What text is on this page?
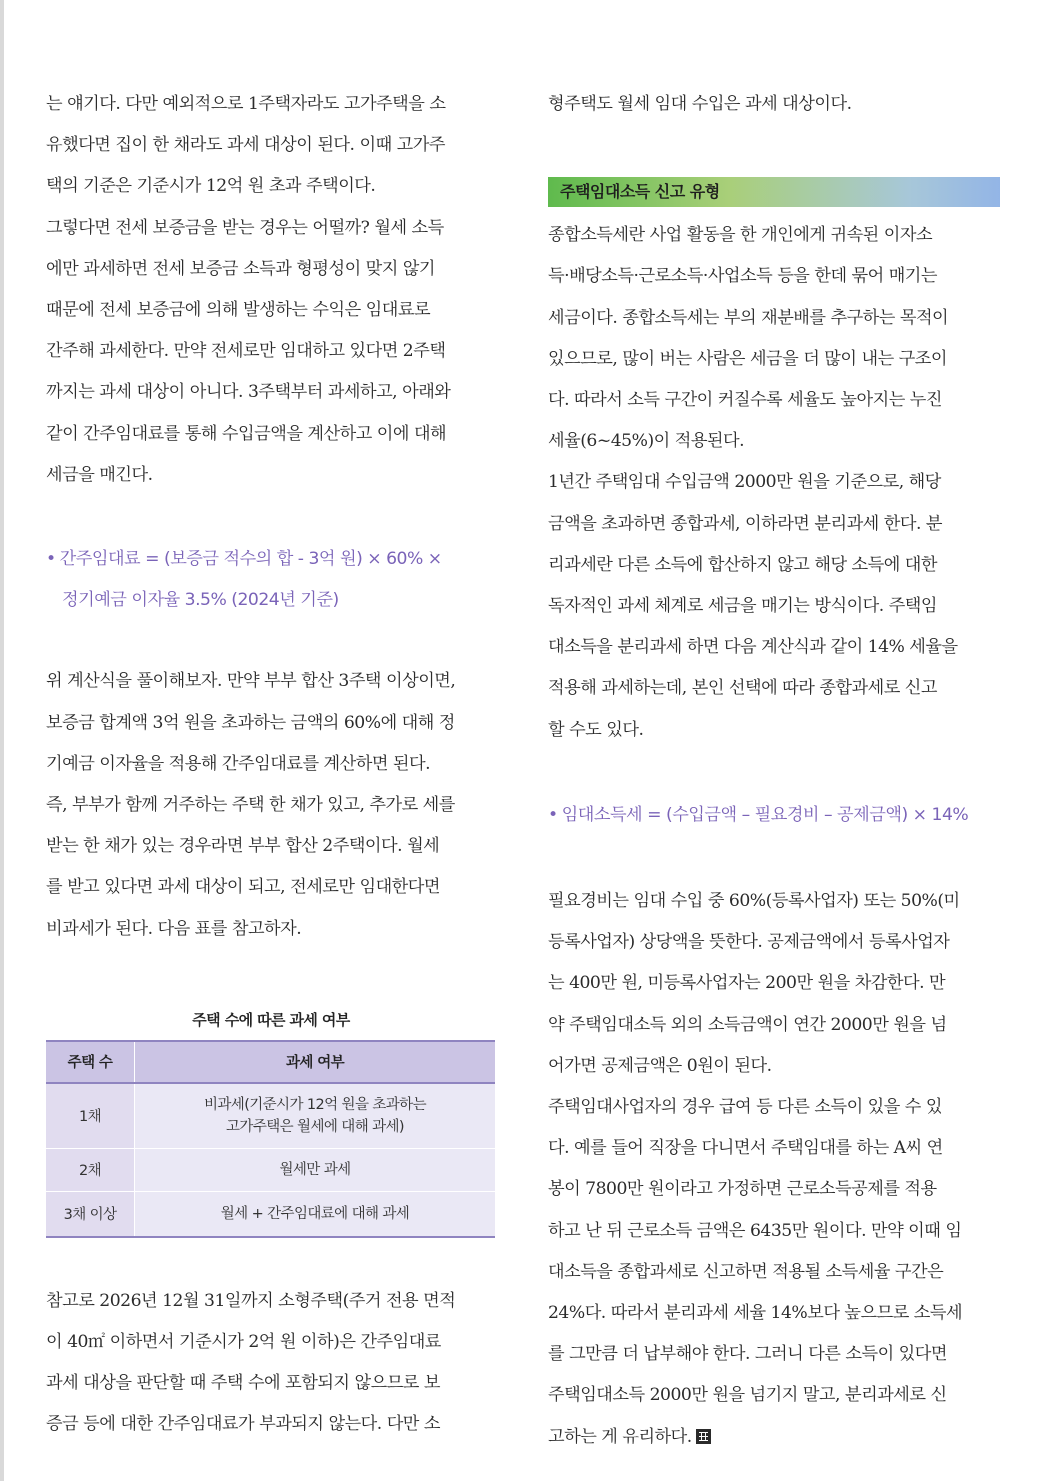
는 얘기다. 다만 예외적으로 1주택자라도 고가주택을 소
유했다면 집이 한 채라도 과세 대상이 된다. 이때 고가주
택의 기준은 기준시가 12억 원 초과 주택이다.

그렇다면 전세 보증금을 받는 경우는 어떨까? 월세 소득
에만 과세하면 전세 보증금 소득과 형평성이 맞지 않기
때문에 전세 보증금에 의해 발생하는 수익은 임대료로
간주해 과세한다. 만약 전세로만 임대하고 있다면 2주택
까지는 과세 대상이 아니다. 3주택부터 과세하고, 아래와
같이 간주임대료를 통해 수입금액을 계산하고 이에 대해
세금을 매긴다.

• 간주임대료 = (보증금 적수의 합 - 3억 원) × 60% ×
정기예금 이자율 3.5% (2024년 기준)

위 계산식을 풀이해보자. 만약 부부 합산 3주택 이상이면,
보증금 합계액 3억 원을 초과하는 금액의 60%에 대해 정
기예금 이자율을 적용해 간주임대료를 계산하면 된다.
즉, 부부가 함께 거주하는 주택 한 채가 있고, 추가로 세를
받는 한 채가 있는 경우라면 부부 합산 2주택이다. 월세
를 받고 있다면 과세 대상이 되고, 전세로만 임대한다면
비과세가 된다. 다음 표를 참고하자.

주택 수에 따른 과세 여부
주택 수	과세 여부
1채	비과세(기준시가 12억 원을 초과하는
고가주택은 월세에 대해 과세)
2채	월세만 과세
3채 이상	월세 + 간주임대료에 대해 과세

참고로 2026년 12월 31일까지 소형주택(주거 전용 면적
이 40㎡ 이하면서 기준시가 2억 원 이하)은 간주임대료
과세 대상을 판단할 때 주택 수에 포함되지 않으므로 보
증금 등에 대한 간주임대료가 부과되지 않는다. 다만 소

형주택도 월세 임대 수입은 과세 대상이다.

주택임대소득 신고 유형

종합소득세란 사업 활동을 한 개인에게 귀속된 이자소
득·배당소득·근로소득·사업소득 등을 한데 묶어 매기는
세금이다. 종합소득세는 부의 재분배를 추구하는 목적이
있으므로, 많이 버는 사람은 세금을 더 많이 내는 구조이
다. 따라서 소득 구간이 커질수록 세율도 높아지는 누진
세율(6~45%)이 적용된다.

1년간 주택임대 수입금액 2000만 원을 기준으로, 해당
금액을 초과하면 종합과세, 이하라면 분리과세 한다. 분
리과세란 다른 소득에 합산하지 않고 해당 소득에 대한
독자적인 과세 체계로 세금을 매기는 방식이다. 주택임
대소득을 분리과세 하면 다음 계산식과 같이 14% 세율을
적용해 과세하는데, 본인 선택에 따라 종합과세로 신고
할 수도 있다.

• 임대소득세 = (수입금액 – 필요경비 – 공제금액) × 14%

필요경비는 임대 수입 중 60%(등록사업자) 또는 50%(미
등록사업자) 상당액을 뜻한다. 공제금액에서 등록사업자
는 400만 원, 미등록사업자는 200만 원을 차감한다. 만
약 주택임대소득 외의 소득금액이 연간 2000만 원을 넘
어가면 공제금액은 0원이 된다.

주택임대사업자의 경우 급여 등 다른 소득이 있을 수 있
다. 예를 들어 직장을 다니면서 주택임대를 하는 A씨 연
봉이 7800만 원이라고 가정하면 근로소득공제를 적용
하고 난 뒤 근로소득 금액은 6435만 원이다. 만약 이때 임
대소득을 종합과세로 신고하면 적용될 소득세율 구간은
24%다. 따라서 분리과세 세율 14%보다 높으므로 소득세
를 그만큼 더 납부해야 한다. 그러니 다른 소득이 있다면
주택임대소득 2000만 원을 넘기지 말고, 분리과세로 신
고하는 게 유리하다.
